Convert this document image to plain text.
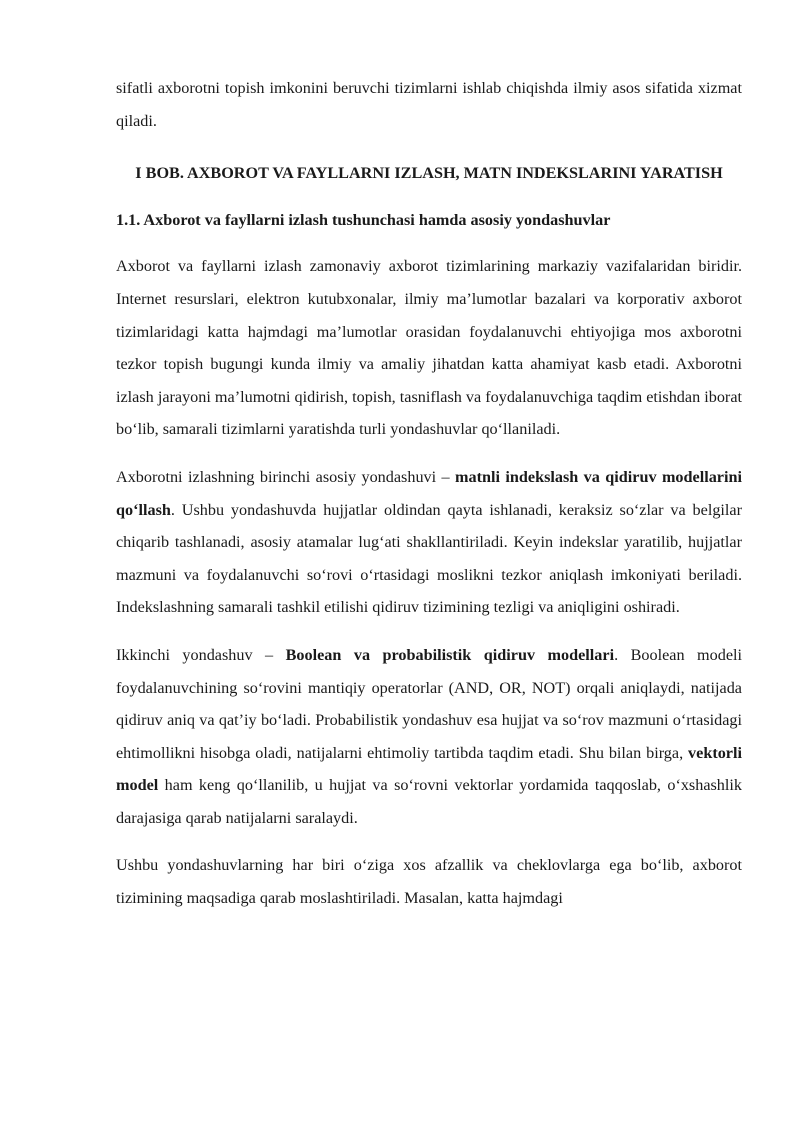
sifatli axborotni topish imkonini beruvchi tizimlarni ishlab chiqishda ilmiy asos sifatida xizmat qiladi.

I BOB. AXBOROT VA FAYLLARNI IZLASH, MATN INDEKSLARINI YARATISH

1.1. Axborot va fayllarni izlash tushunchasi hamda asosiy yondashuvlar

Axborot va fayllarni izlash zamonaviy axborot tizimlarining markaziy vazifalaridan biridir. Internet resurslari, elektron kutubxonalar, ilmiy ma’lumotlar bazalari va korporativ axborot tizimlaridagi katta hajmdagi ma’lumotlar orasidan foydalanuvchi ehtiyojiga mos axborotni tezkor topish bugungi kunda ilmiy va amaliy jihatdan katta ahamiyat kasb etadi. Axborotni izlash jarayoni ma’lumotni qidirish, topish, tasniflash va foydalanuvchiga taqdim etishdan iborat bo‘lib, samarali tizimlarni yaratishda turli yondashuvlar qo‘llaniladi.

Axborotni izlashning birinchi asosiy yondashuvi – matnli indekslash va qidiruv modellarini qo‘llash. Ushbu yondashuvda hujjatlar oldindan qayta ishlanadi, keraksiz so‘zlar va belgilar chiqarib tashlanadi, asosiy atamalar lug‘ati shakllantiriladi. Keyin indekslar yaratilib, hujjatlar mazmuni va foydalanuvchi so‘rovi o‘rtasidagi moslikni tezkor aniqlash imkoniyati beriladi. Indekslashning samarali tashkil etilishi qidiruv tizimining tezligi va aniqligini oshiradi.

Ikkinchi yondashuv – Boolean va probabilistik qidiruv modellari. Boolean modeli foydalanuvchining so‘rovini mantiqiy operatorlar (AND, OR, NOT) orqali aniqlaydi, natijada qidiruv aniq va qat’iy bo‘ladi. Probabilistik yondashuv esa hujjat va so‘rov mazmuni o‘rtasidagi ehtimollikni hisobga oladi, natijalarni ehtimoliy tartibda taqdim etadi. Shu bilan birga, vektorli model ham keng qo‘llanilib, u hujjat va so‘rovni vektorlar yordamida taqqoslab, o‘xshashlik darajasiga qarab natijalarni saralaydi.

Ushbu yondashuvlarning har biri o‘ziga xos afzallik va cheklovlarga ega bo‘lib, axborot tizimining maqsadiga qarab moslashtiriladi. Masalan, katta hajmdagi
